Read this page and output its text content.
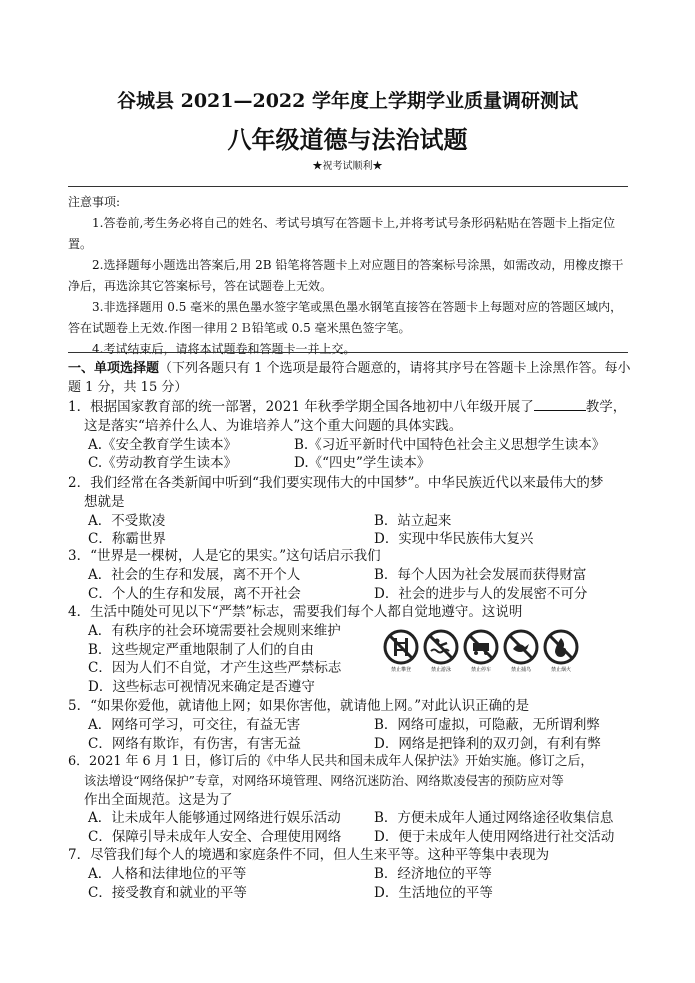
谷城县 2021—2022 学年度上学期学业质量调研测试
八年级道德与法治试题
★祝考试顺利★

注意事项:

1.答卷前,考生务必将自己的姓名、考试号填写在答题卡上,并将考试号条形码粘贴在答题卡上指定位置。

2.选择题每小题选出答案后,用 2B 铅笔将答题卡上对应题目的答案标号涂黑，如需改动，用橡皮擦干净后，再选涂其它答案标号，答在试题卷上无效。

3.非选择题用 0.5 毫米的黑色墨水签字笔或黑色墨水钢笔直接答在答题卡上每题对应的答题区域内，答在试题卷上无效.作图一律用２Ｂ铅笔或 0.5 毫米黑色签字笔。

4.考试结束后，请将本试题卷和答题卡一并上交。

一、单项选择题（下列各题只有 1 个选项是最符合题意的，请将其序号在答题卡上涂黑作答。每小题 1 分，共 15 分）

1．根据国家教育部的统一部署，2021 年秋季学期全国各地初中八年级开展了	教学，

这是落实“培养什么人、为谁培养人”这个重大问题的具体实践。

A.《安全教育学生读本》	B.《习近平新时代中国特色社会主义思想学生读本》
C.《劳动教育学生读本》	D.《“四史”学生读本》

2．我们经常在各类新闻中听到“我们要实现伟大的中国梦”。中华民族近代以来最伟大的梦

想就是

A．不受欺凌	B．站立起来
C．称霸世界	D．实现中华民族伟大复兴

3．“世界是一棵树，人是它的果实。”这句话启示我们

A．社会的生存和发展，离不开个人	B．每个人因为社会发展而获得财富
C．个人的生存和发展，离不开社会	D．社会的进步与人的发展密不可分

4．生活中随处可见以下“严禁”标志，需要我们每个人都自觉地遵守。这说明

A．有秩序的社会环境需要社会规则来维护
B．这些规定严重地限制了人们的自由
C．因为人们不自觉，才产生这些严禁标志
D．这些标志可视情况来确定是否遵守
禁止攀登	禁止游泳	禁止停车	禁止捕鸟	禁止烟火

5．“如果你爱他，就请他上网；如果你害他，就请他上网。”对此认识正确的是

A．网络可学习，可交往，有益无害	B．网络可虚拟，可隐蔽，无所谓利弊
C．网络有欺诈，有伤害，有害无益	D．网络是把锋利的双刃剑，有利有弊

6．2021 年 6 月 1 日，修订后的《中华人民共和国未成年人保护法》开始实施。修订之后，

该法增设“网络保护”专章，对网络环境管理、网络沉迷防治、网络欺凌侵害的预防应对等

作出全面规范。这是为了

A．让未成年人能够通过网络进行娱乐活动 B．方便未成年人通过网络途径收集信息
C．保障引导未成年人安全、合理使用网络 D．便于未成年人使用网络进行社交活动

7．尽管我们每个人的境遇和家庭条件不同，但人生来平等。这种平等集中表现为

A．人格和法律地位的平等	B．经济地位的平等
C．接受教育和就业的平等	D．生活地位的平等
